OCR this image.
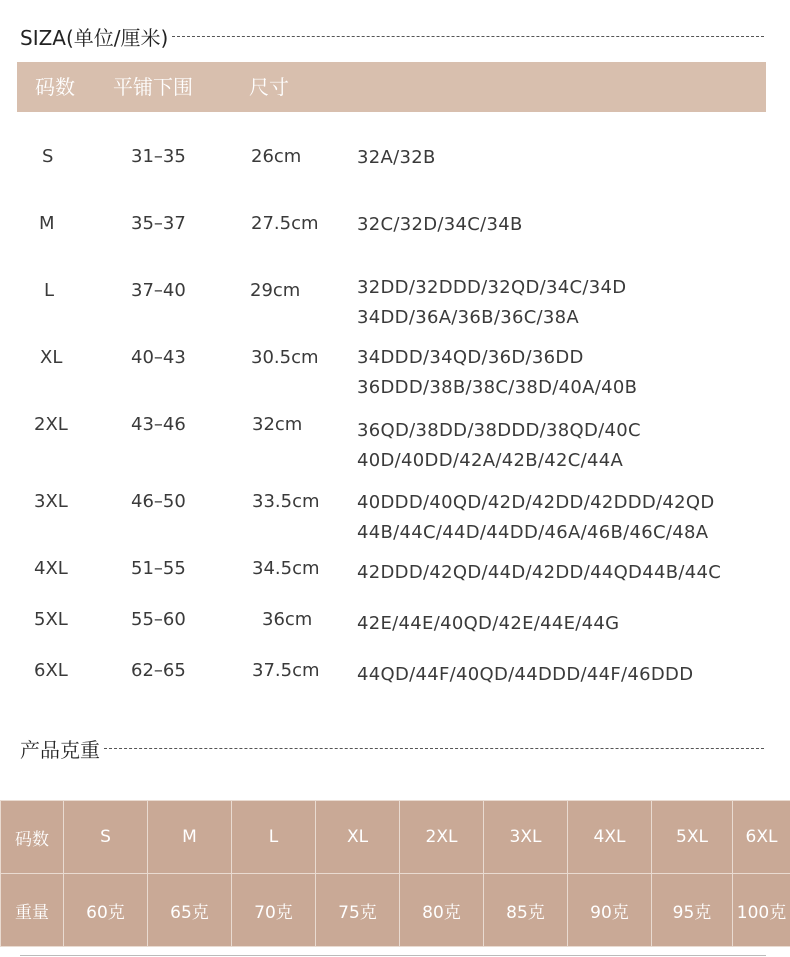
SIZA(单位/厘米)
码数 平铺下围	尺寸
S	31–35	26cm	32A/32B
M	35–37	27.5cm 32C/32D/34C/34B
L	37–40	29cm	32DD/32DDD/32QD/34C/34D
34DD/36A/36B/36C/38A
XL	40–43	30.5cm 34DDD/34QD/36D/36DD
36DDD/38B/38C/38D/40A/40B
2XL	43–46	32cm	36QD/38DD/38DDD/38QD/40C
40D/40DD/42A/42B/42C/44A
3XL	46–50	33.5cm 40DDD/40QD/42D/42DD/42DDD/42QD
44B/44C/44D/44DD/46A/46B/46C/48A
4XL	51–55	34.5cm 42DDD/42QD/44D/42DD/44QD44B/44C
5XL	55–60	36cm 42E/44E/40QD/42E/44E/44G
6XL	62–65	37.5cm 44QD/44F/40QD/44DDD/44F/46DDD
产品克重
码数	S	M	L	XL	2XL	3XL	4XL	5XL	6XL
重量	60克	65克	70克	75克	80克	85克	90克	95克	100克
